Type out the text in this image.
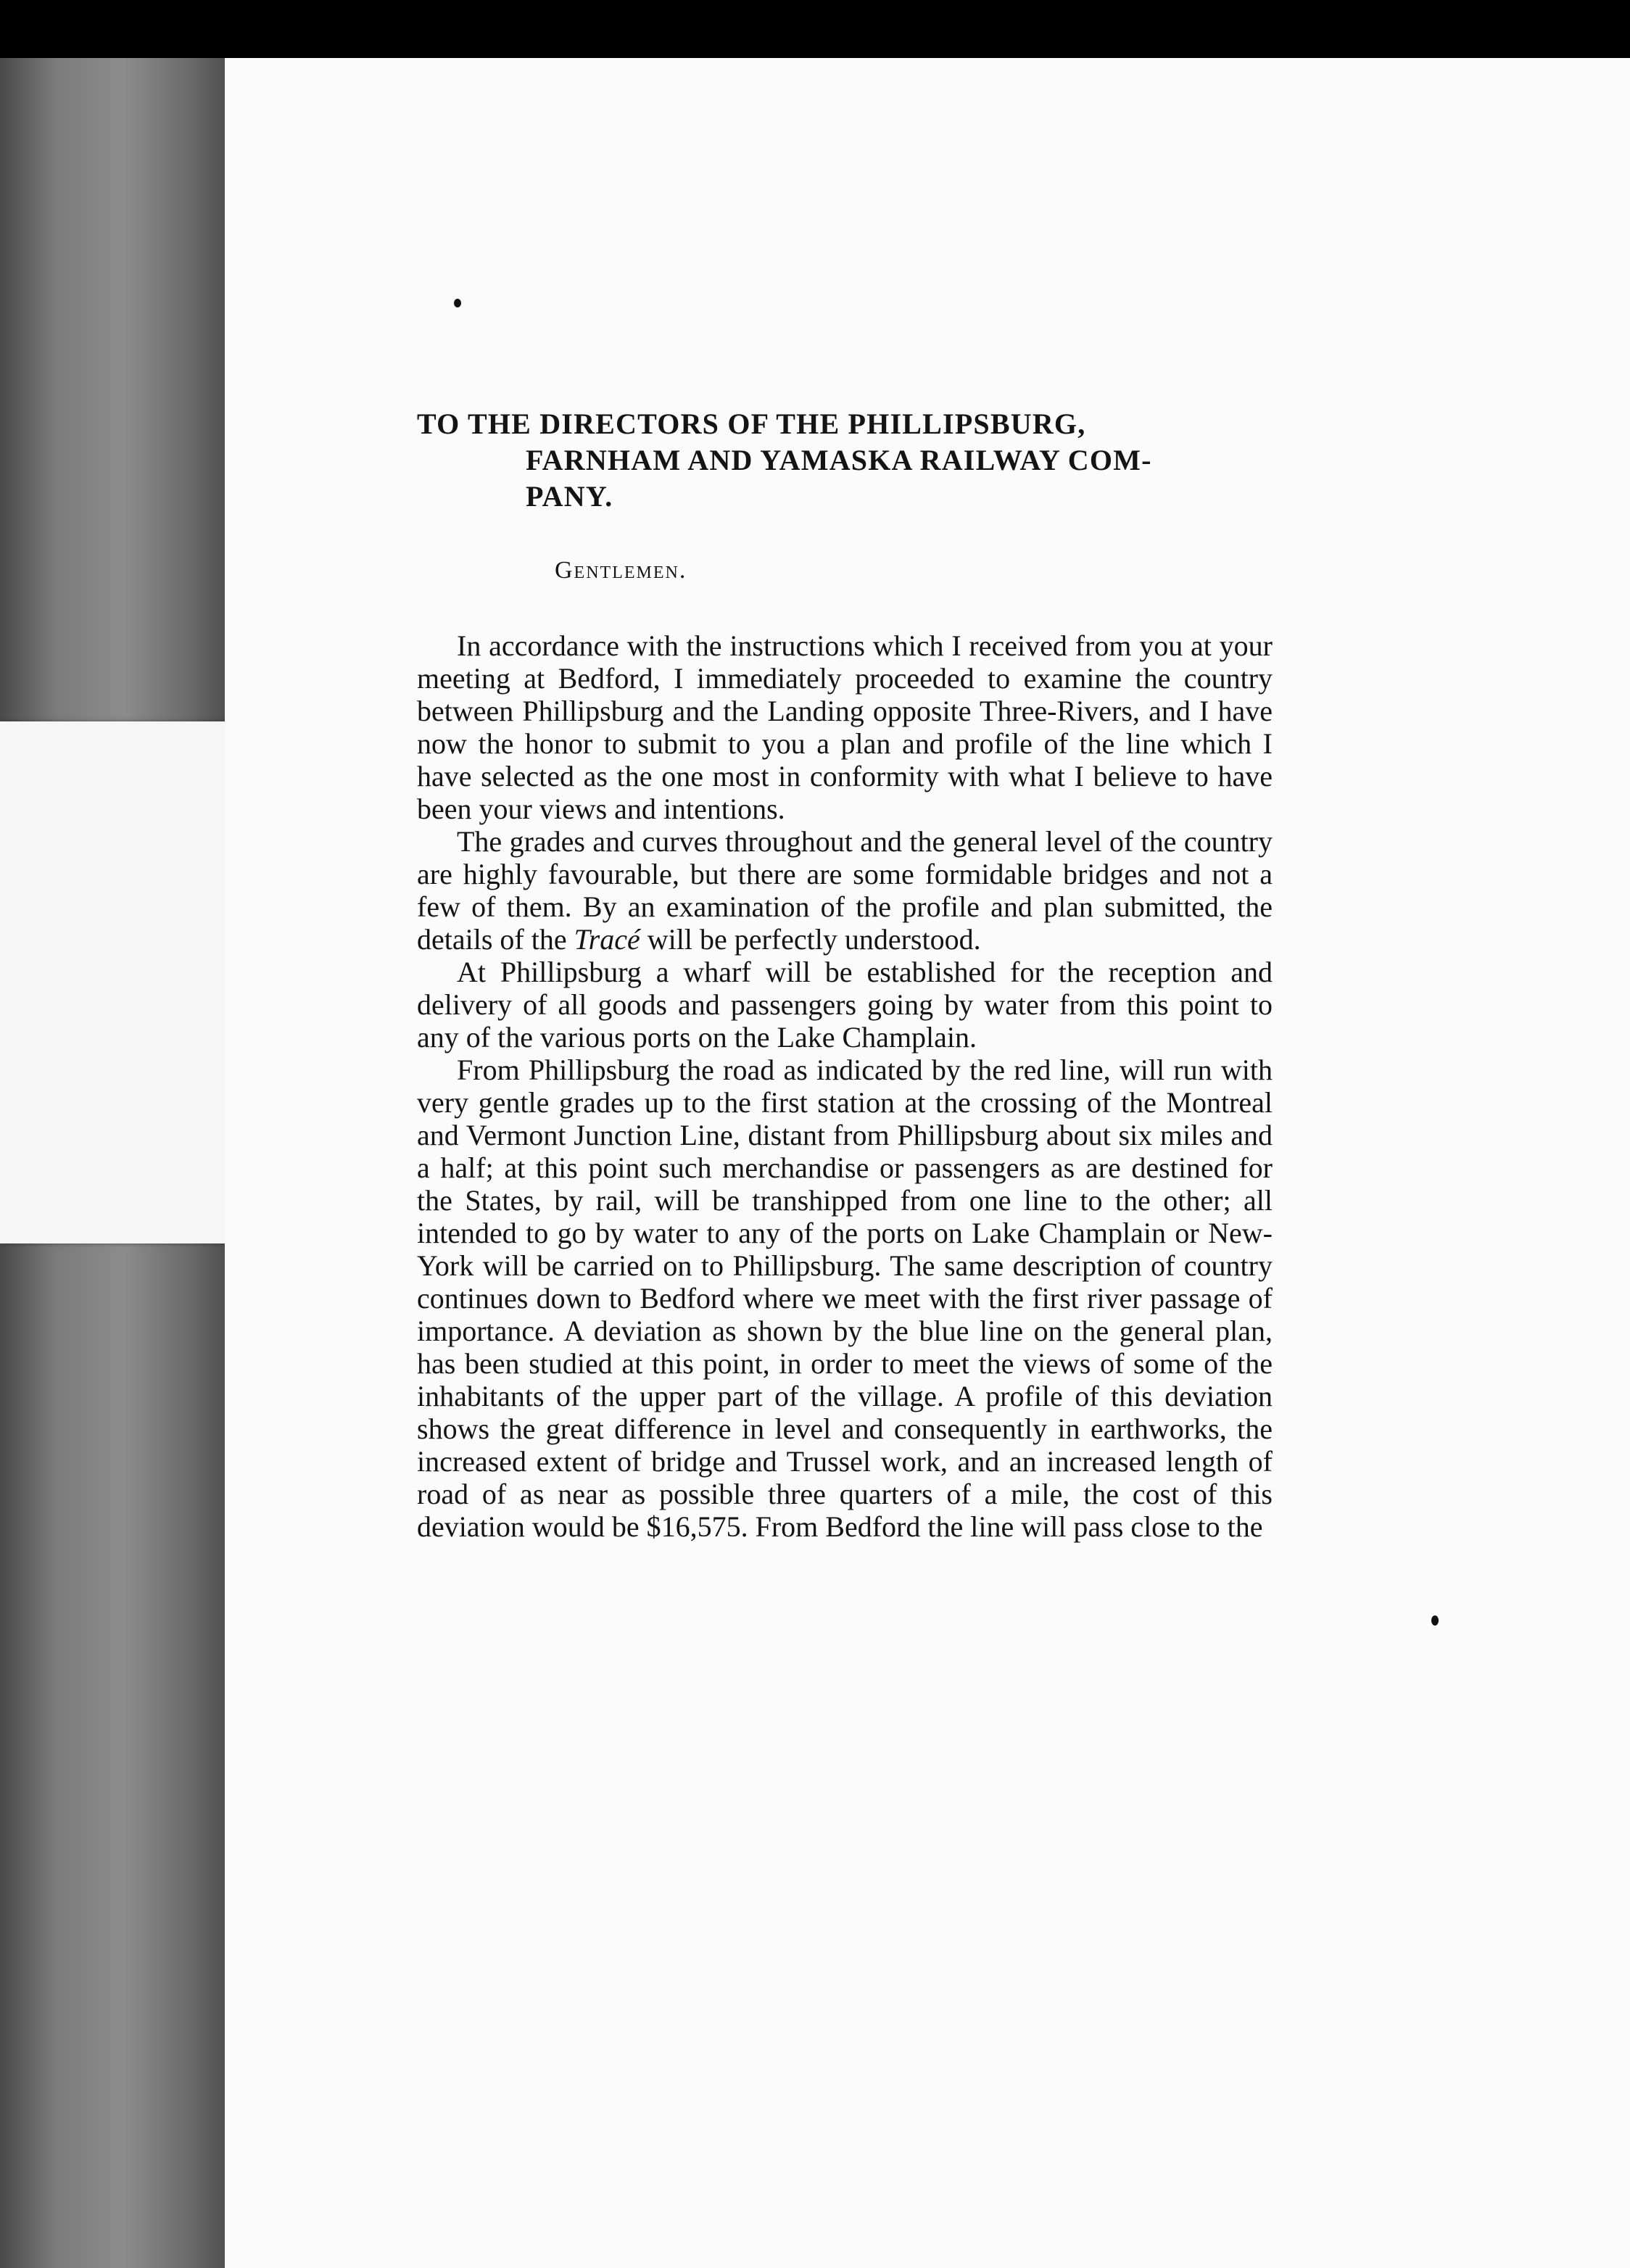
TO THE DIRECTORS OF THE PHILLIPSBURG,
FARNHAM AND YAMASKA RAILWAY COM-
PANY.
Gentlemen.

In accordance with the instructions which I received from you at your meeting at Bedford, I immediately proceeded to examine the country between Phillipsburg and the Landing opposite Three-Rivers, and I have now the honor to submit to you a plan and profile of the line which I have selected as the one most in conformity with what I believe to have been your views and intentions.

The grades and curves throughout and the general level of the country are highly favourable, but there are some formidable bridges and not a few of them. By an examination of the profile and plan submitted, the details of the Tracé will be perfectly understood.

At Phillipsburg a wharf will be established for the reception and delivery of all goods and passengers going by water from this point to any of the various ports on the Lake Champlain.

From Phillipsburg the road as indicated by the red line, will run with very gentle grades up to the first station at the crossing of the Montreal and Vermont Junction Line, distant from Phillipsburg about six miles and a half; at this point such merchandise or passengers as are destined for the States, by rail, will be transhipped from one line to the other; all intended to go by water to any of the ports on Lake Champlain or New-York will be carried on to Phillipsburg. The same description of country continues down to Bedford where we meet with the first river passage of importance. A deviation as shown by the blue line on the general plan, has been studied at this point, in order to meet the views of some of the inhabitants of the upper part of the village. A profile of this deviation shows the great difference in level and consequently in earthworks, the increased extent of bridge and Trussel work, and an increased length of road of as near as possible three quarters of a mile, the cost of this deviation would be $16,575. From Bedford the line will pass close to the
